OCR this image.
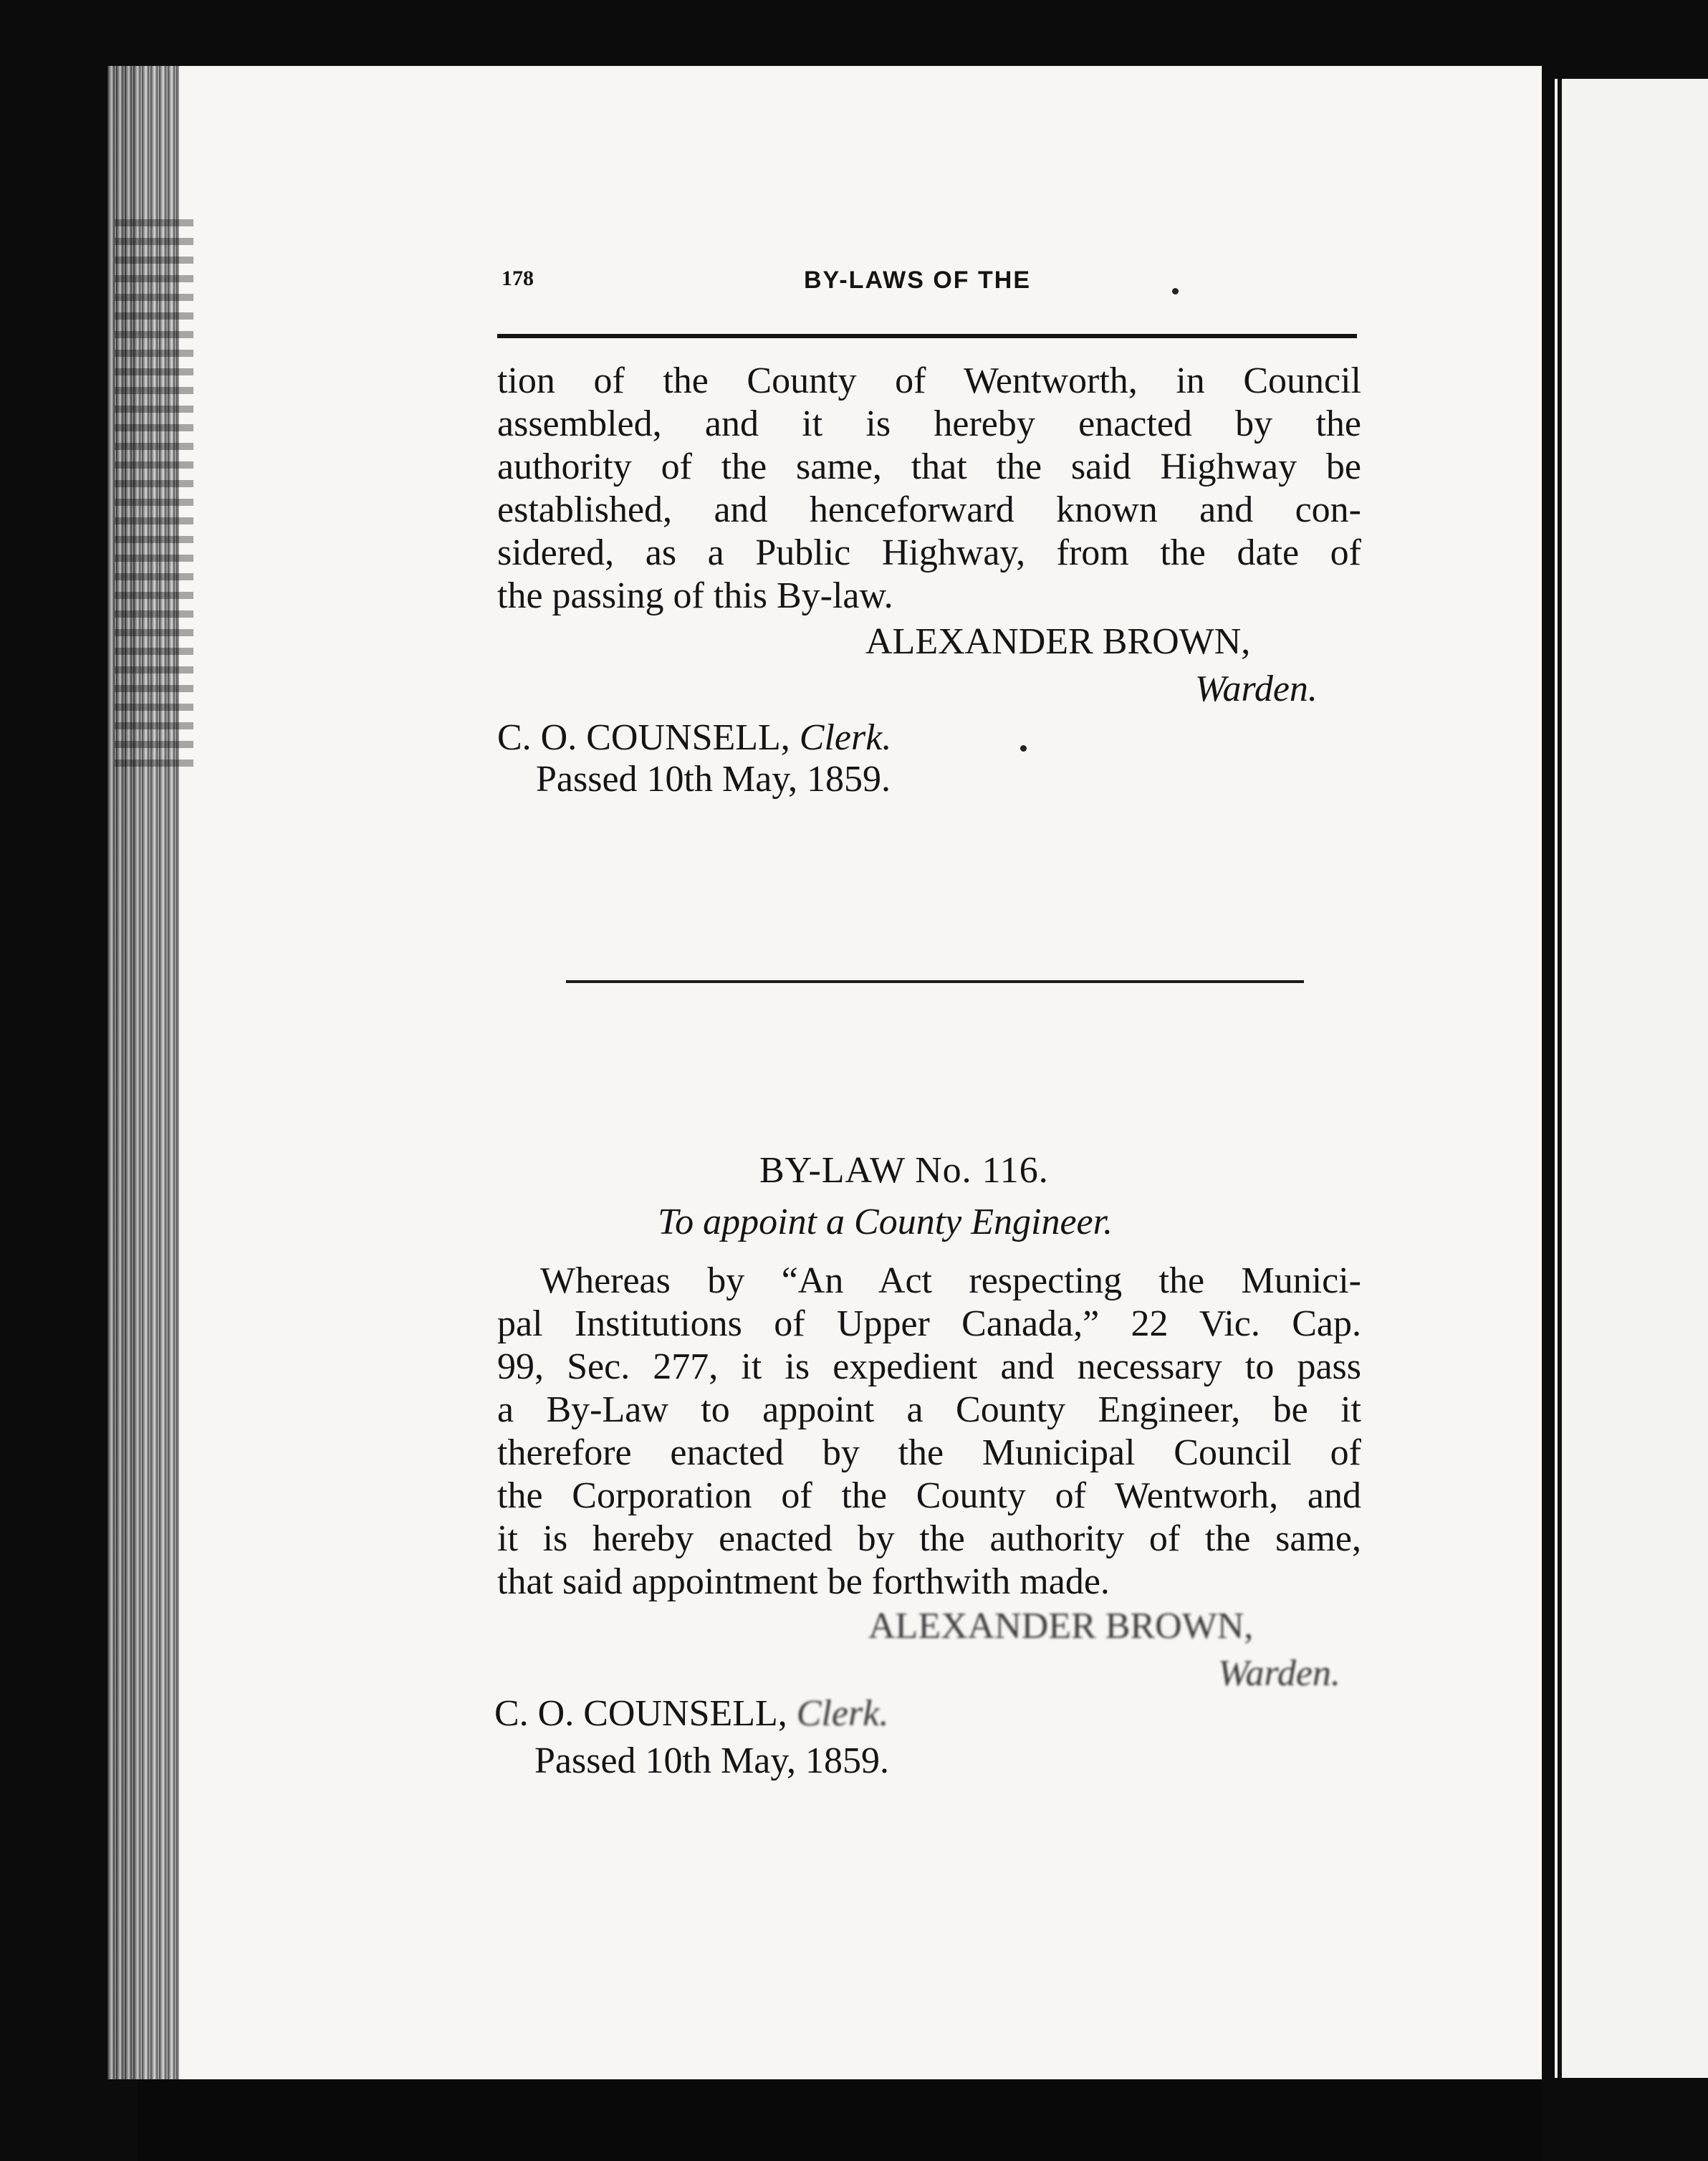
178	BY-LAWS OF THE
tion of the County of Wentworth, in Council
assembled, and it is hereby enacted by the
authority of the same, that the said Highway be
established, and henceforward known and con-
sidered, as a Public Highway, from the date of
the passing of this By-law.
ALEXANDER BROWN,
Warden.
C. O. COUNSELL, Clerk.
Passed 10th May, 1859.
BY-LAW No. 116.
To appoint a County Engineer.
Whereas by “An Act respecting the Munici-
pal Institutions of Upper Canada,” 22 Vic. Cap.
99, Sec. 277, it is expedient and necessary to pass
a By-Law to appoint a County Engineer, be it
therefore enacted by the Municipal Council of
the Corporation of the County of Wentworh, and
it is hereby enacted by the authority of the same,
that said appointment be forthwith made.
ALEXANDER BROWN,
Warden.
C. O. COUNSELL, Clerk.
Passed 10th May, 1859.
